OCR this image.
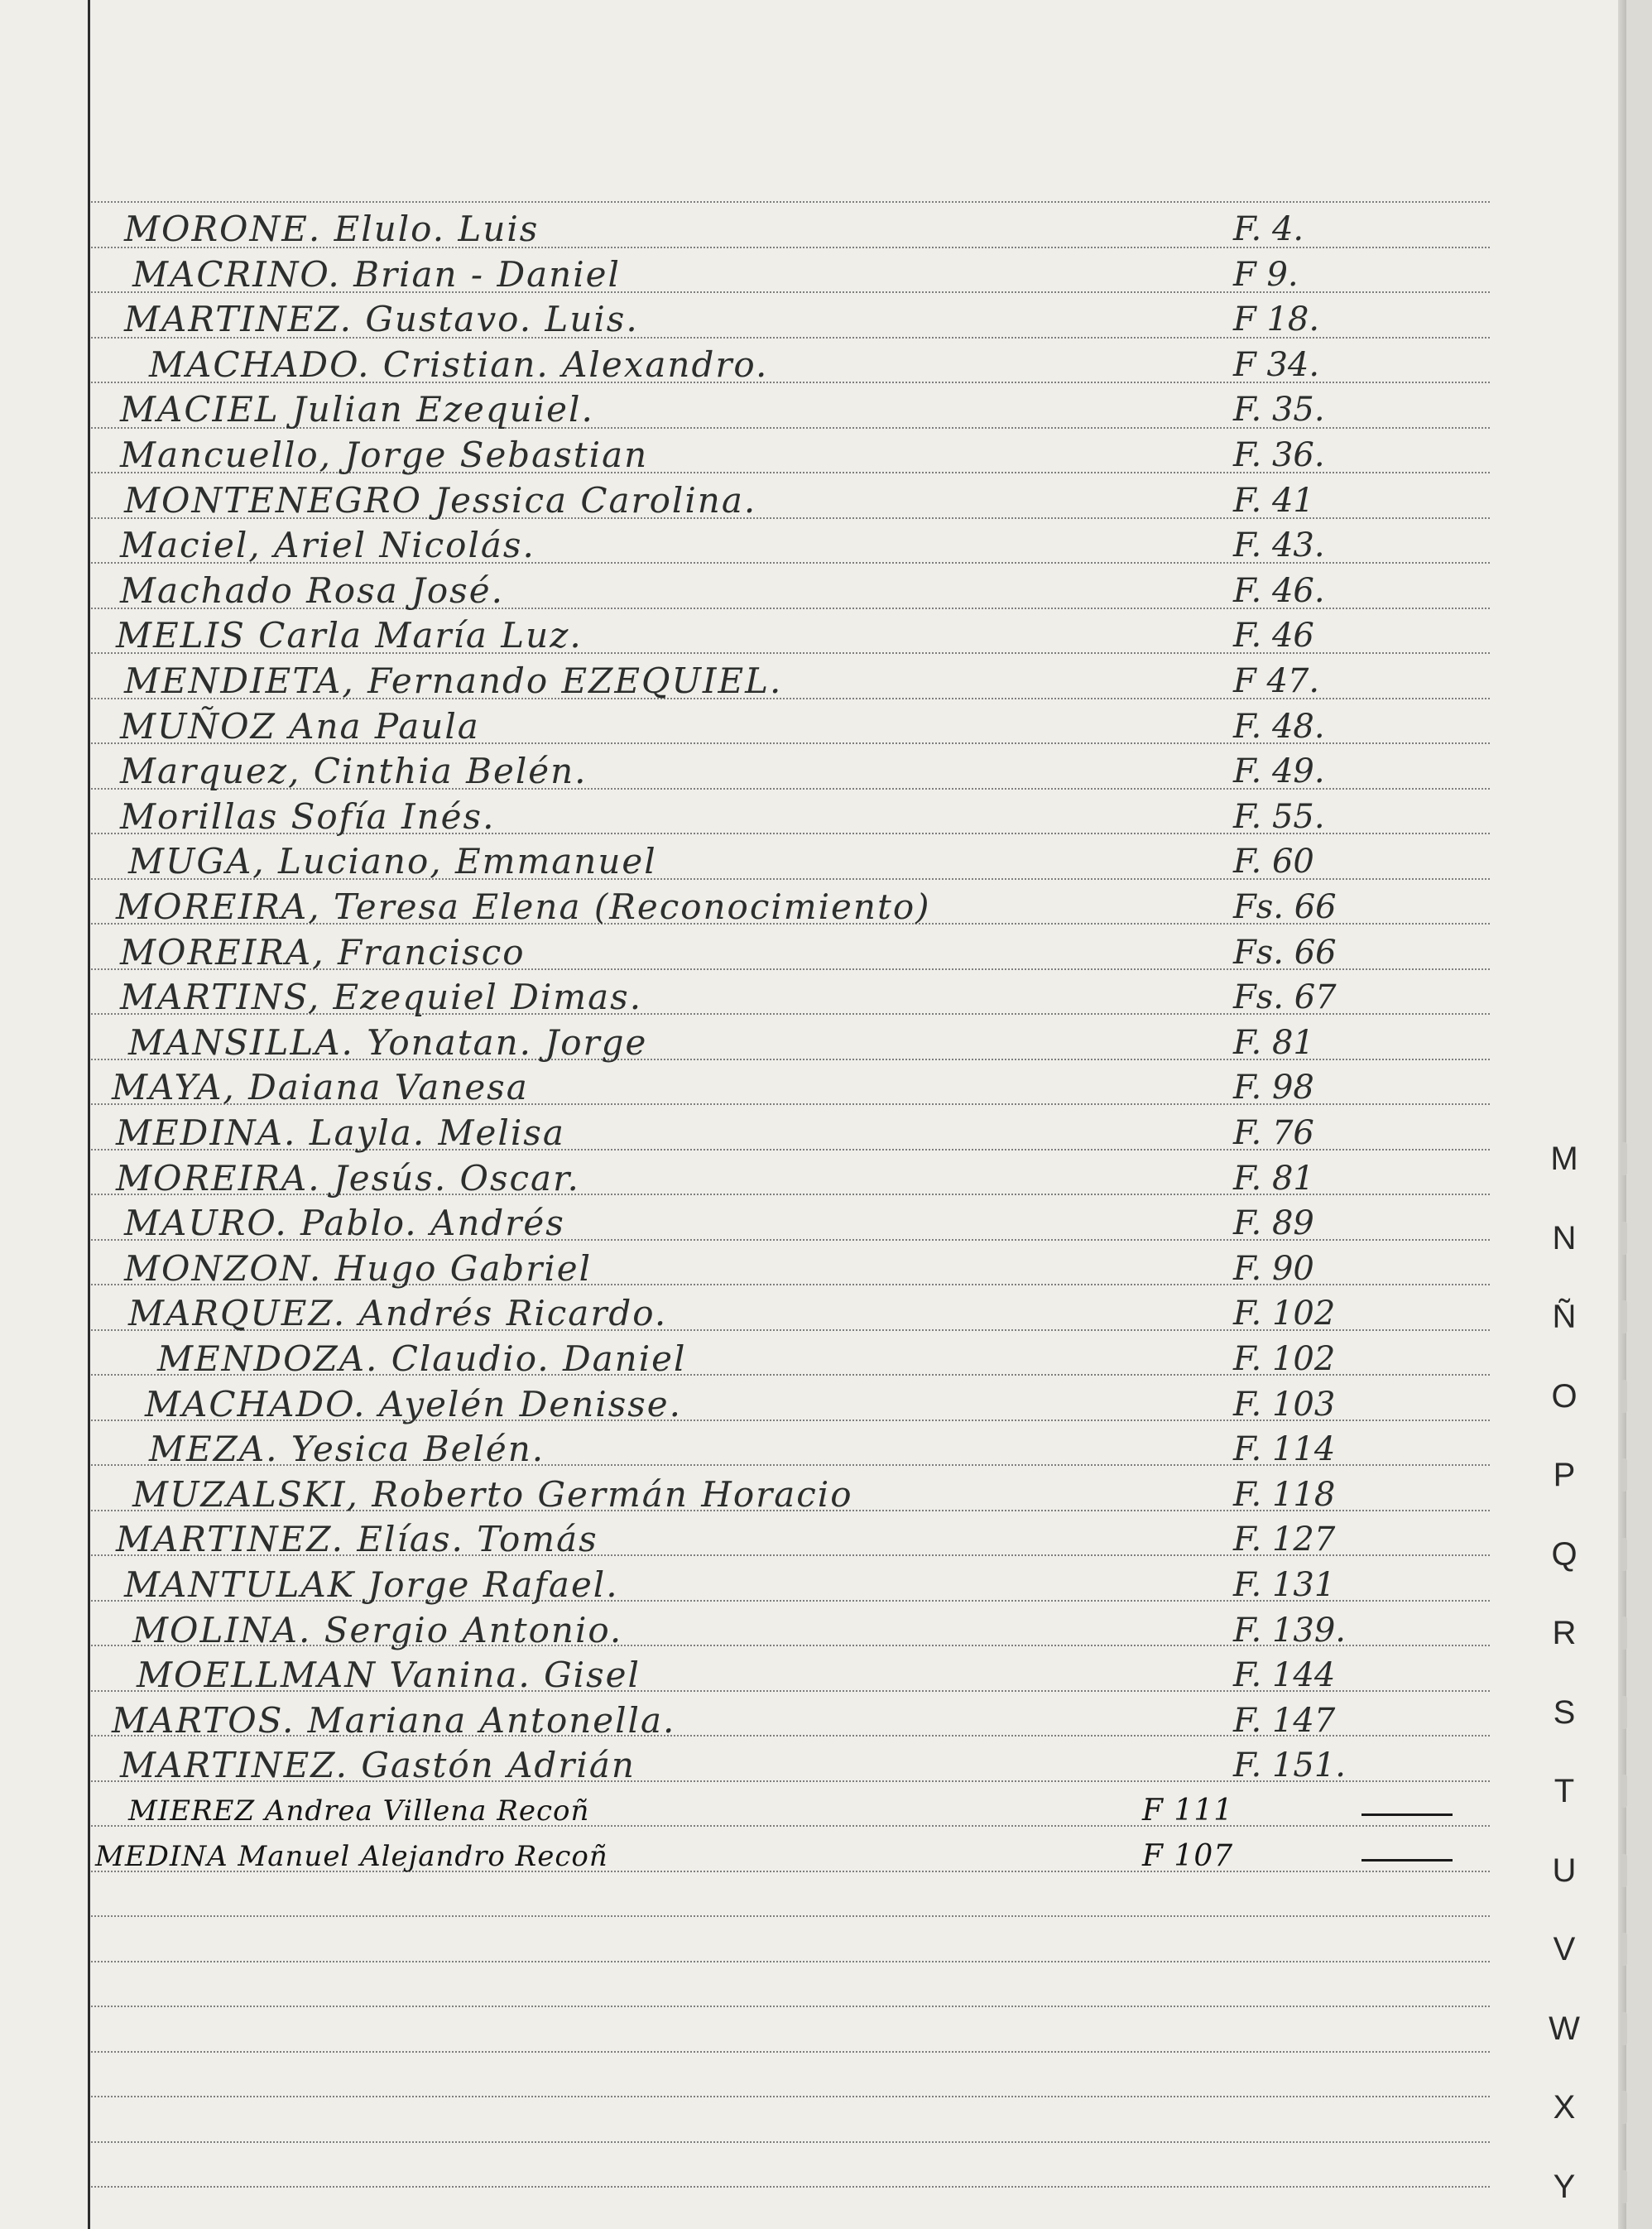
MORONE. Elulo. Luis	F. 4.
MACRINO. Brian - Daniel	F 9.
MARTINEZ. Gustavo. Luis.	F 18.
MACHADO. Cristian. Alexandro.	F 34.
MACIEL Julian Ezequiel.	F. 35.
Mancuello, Jorge Sebastian	F. 36.
MONTENEGRO Jessica Carolina.	F. 41
Maciel, Ariel Nicolás.	F. 43.
Machado Rosa José.	F. 46.
MELIS Carla María Luz.	F. 46
MENDIETA, Fernando EZEQUIEL.	F 47.
MUÑOZ Ana Paula	F. 48.
Marquez, Cinthia Belén.	F. 49.
Morillas Sofía Inés.	F. 55.
MUGA, Luciano, Emmanuel	F. 60
MOREIRA, Teresa Elena (Reconocimiento)	Fs. 66
MOREIRA, Francisco	Fs. 66
MARTINS, Ezequiel Dimas.	Fs. 67
MANSILLA. Yonatan. Jorge	F. 81
MAYA, Daiana Vanesa	F. 98
MEDINA. Layla. Melisa	F. 76
MOREIRA. Jesús. Oscar.	F. 81
MAURO. Pablo. Andrés	F. 89
MONZON. Hugo Gabriel	F. 90
MARQUEZ. Andrés Ricardo.	F. 102
MENDOZA. Claudio. Daniel	F. 102
MACHADO. Ayelén Denisse.	F. 103
MEZA. Yesica Belén.	F. 114
MUZALSKI, Roberto Germán Horacio	F. 118
MARTINEZ. Elías. Tomás	F. 127
MANTULAK Jorge Rafael.	F. 131
MOLINA. Sergio Antonio.	F. 139.
MOELLMAN Vanina. Gisel	F. 144
MARTOS. Mariana Antonella.	F. 147
MARTINEZ. Gastón Adrián	F. 151.
MIEREZ Andrea Villena Recoñ	F 111
MEDINA Manuel Alejandro Recoñ	F 107
M
N
Ñ
O
P
Q
R
S
T
U
V
W
X
Y
